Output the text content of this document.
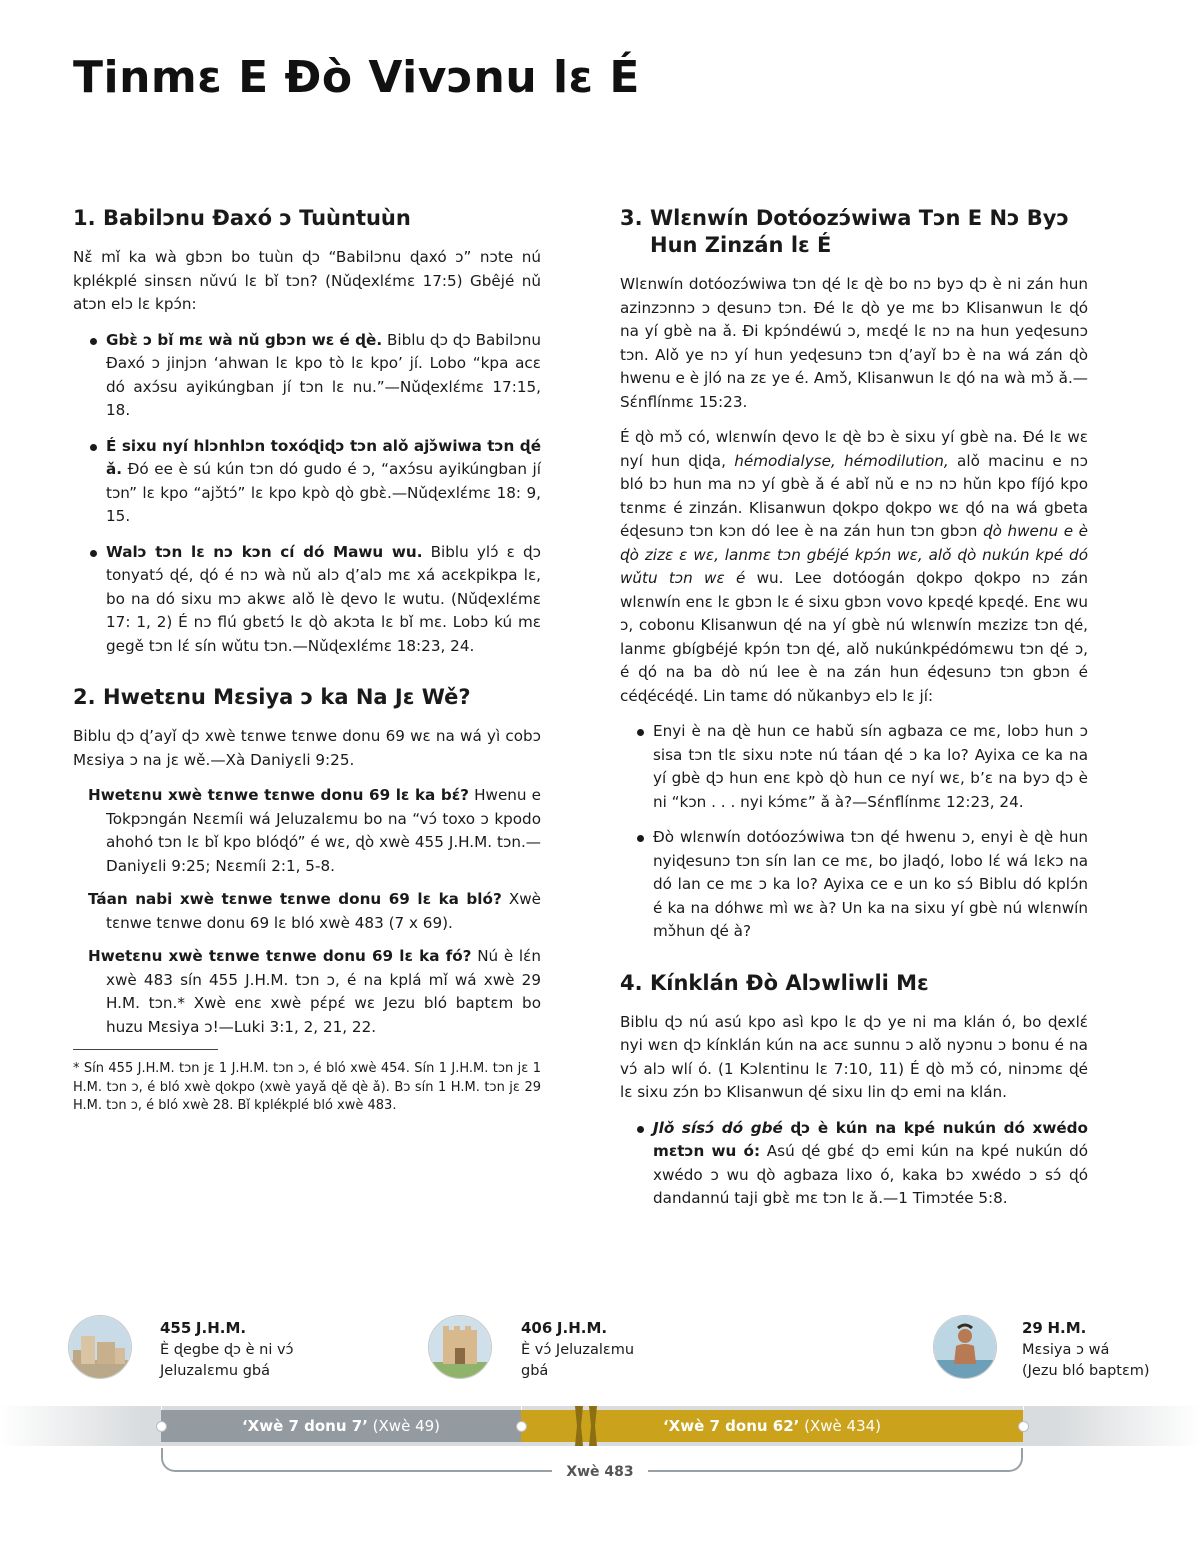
Tinmɛ E Ðò Vivɔnu lɛ É
1. Babilɔnu Ðaxó ɔ Tuùntuùn

Nɛ̌ mǐ ka wà gbɔn bo tuùn ɖɔ “Babilɔnu ɖaxó ɔ” nɔte nú kplékplé sinsɛn nǔvú lɛ bǐ tɔn? (Nǔɖexlɛ́mɛ 17:5) Gbêjé nǔ atɔn elɔ lɛ kpɔ́n:

Gbɛ̀ ɔ bǐ mɛ wà nǔ gbɔn wɛ é ɖè. Biblu ɖɔ ɖɔ Babilɔnu Ðaxó ɔ jinjɔn ‘ahwan lɛ kpo tò lɛ kpo’ jí. Lobo “kpa acɛ dó axɔ́su ayikúngban jí tɔn lɛ nu.”—Nǔɖexlɛ́mɛ 17:15, 18.
É sixu nyí hlɔnhlɔn toxóɖiɖɔ tɔn alǒ ajɔ̌wiwa tɔn ɖé ǎ. Ðó ee è sú kún tɔn dó gudo é ɔ, “axɔ́su ayikúngban jí tɔn” lɛ kpo “ajɔ̌tɔ́” lɛ kpo kpò ɖò gbɛ̀.—Nǔɖexlɛ́mɛ 18: 9, 15.
Walɔ tɔn lɛ nɔ kɔn cí dó Mawu wu. Biblu ylɔ́ ɛ ɖɔ tonyatɔ́ ɖé, ɖó é nɔ wà nǔ alɔ ɖ’alɔ mɛ xá acɛkpikpa lɛ, bo na dó sixu mɔ akwɛ alǒ lè ɖevo lɛ wutu. (Nǔɖexlɛ́mɛ 17: 1, 2) É nɔ flú gbɛtɔ́ lɛ ɖò akɔta lɛ bǐ mɛ. Lobɔ kú mɛ gegě tɔn lɛ́ sín wǔtu tɔn.—Nǔɖexlɛ́mɛ 18:23, 24.
2. Hwetɛnu Mɛsiya ɔ ka Na Jɛ Wě?

Biblu ɖɔ ɖ’ayǐ ɖɔ xwè tɛnwe tɛnwe donu 69 wɛ na wá yì cobɔ Mɛsiya ɔ na jɛ wě.—Xà Daniyɛli 9:25.

Hwetɛnu xwè tɛnwe tɛnwe donu 69 lɛ ka bɛ́? Hwenu e Tokpɔngán Nɛɛmíi wá Jeluzalɛmu bo na “vɔ́ toxo ɔ kpodo ahohó tɔn lɛ bǐ kpo blóɖó” é wɛ, ɖò xwè 455 J.H.M. tɔn.—Daniyɛli 9:25; Nɛɛmíi 2:1, 5-8.

Táan nabi xwè tɛnwe tɛnwe donu 69 lɛ ka bló? Xwè tɛnwe tɛnwe donu 69 lɛ bló xwè 483 (7 x 69).

Hwetɛnu xwè tɛnwe tɛnwe donu 69 lɛ ka fó? Nú è lɛ́n xwè 483 sín 455 J.H.M. tɔn ɔ, é na kplá mǐ wá xwè 29 H.M. tɔn.* Xwè enɛ xwè pɛ́pɛ́ wɛ Jezu bló baptɛm bo huzu Mɛsiya ɔ!—Luki 3:1, 2, 21, 22.

* Sín 455 J.H.M. tɔn jɛ 1 J.H.M. tɔn ɔ, é bló xwè 454. Sín 1 J.H.M. tɔn jɛ 1 H.M. tɔn ɔ, é bló xwè ɖokpo (xwè yayǎ ɖě ɖè ǎ). Bɔ sín 1 H.M. tɔn jɛ 29 H.M. tɔn ɔ, é bló xwè 28. Bǐ kplékplé bló xwè 483.

3. Wlɛnwín Dotóozɔ́wiwa Tɔn E Nɔ Byɔ Hun Zinzán lɛ É

Wlɛnwín dotóozɔ́wiwa tɔn ɖé lɛ ɖè bo nɔ byɔ ɖɔ è ni zán hun azinzɔnnɔ ɔ ɖesunɔ tɔn. Ðé lɛ ɖò ye mɛ bɔ Klisanwun lɛ ɖó na yí gbè na ǎ. Ði kpɔ́ndéwú ɔ, mɛɖé lɛ nɔ na hun yeɖesunɔ tɔn. Alǒ ye nɔ yí hun yeɖesunɔ tɔn ɖ’ayǐ bɔ è na wá zán ɖò hwenu e è jló na zɛ ye é. Amɔ̌, Klisanwun lɛ ɖó na wà mɔ̌ ǎ.—Sɛ́nflínmɛ 15:23.

É ɖò mɔ̌ có, wlɛnwín ɖevo lɛ ɖè bɔ è sixu yí gbè na. Ðé lɛ wɛ nyí hun ɖiɖa, hémodialyse, hémodilution, alǒ macinu e nɔ bló bɔ hun ma nɔ yí gbè ǎ é abǐ nǔ e nɔ nɔ hǔn kpo fíjó kpo tɛnmɛ é zinzán. Klisanwun ɖokpo ɖokpo wɛ ɖó na wá gbeta éɖesunɔ tɔn kɔn dó lee è na zán hun tɔn gbɔn ɖò hwenu e è ɖò zizɛ ɛ wɛ, lanmɛ tɔn gbéjé kpɔ́n wɛ, alǒ ɖò nukún kpé dó wǔtu tɔn wɛ é wu. Lee dotóogán ɖokpo ɖokpo nɔ zán wlɛnwín enɛ lɛ gbɔn lɛ é sixu gbɔn vovo kpɛɖé kpɛɖé. Enɛ wu ɔ, cobonu Klisanwun ɖé na yí gbè nú wlɛnwín mɛzizɛ tɔn ɖé, lanmɛ gbígbéjé kpɔ́n tɔn ɖé, alǒ nukúnkpédómɛwu tɔn ɖé ɔ, é ɖó na ba dò nú lee è na zán hun éɖesunɔ tɔn gbɔn é céɖécéɖé. Lin tamɛ dó nǔkanbyɔ elɔ lɛ jí:

Enyi è na ɖè hun ce habǔ sín agbaza ce mɛ, lobɔ hun ɔ sisa tɔn tlɛ sixu nɔte nú táan ɖé ɔ ka lo? Ayixa ce ka na yí gbè ɖɔ hun enɛ kpò ɖò hun ce nyí wɛ, b’ɛ na byɔ ɖɔ è ni “kɔn . . . nyi kɔ́mɛ” ǎ à?—Sɛ́nflínmɛ 12:23, 24.
Ðò wlɛnwín dotóozɔ́wiwa tɔn ɖé hwenu ɔ, enyi è ɖè hun nyiɖesunɔ tɔn sín lan ce mɛ, bo jlaɖó, lobo lɛ́ wá lɛkɔ na dó lan ce mɛ ɔ ka lo? Ayixa ce e un ko sɔ́ Biblu dó kplɔ́n é ka na dóhwɛ mì wɛ à? Un ka na sixu yí gbè nú wlɛnwín mɔ̌hun ɖé à?
4. Kínklán Ðò Alɔwliwli Mɛ

Biblu ɖɔ nú asú kpo asì kpo lɛ ɖɔ ye ni ma klán ó, bo ɖexlɛ́ nyi wɛn ɖɔ kínklán kún na acɛ sunnu ɔ alǒ nyɔnu ɔ bonu é na vɔ́ alɔ wlí ó. (1 Kɔlɛntinu lɛ 7:10, 11) É ɖò mɔ̌ có, ninɔmɛ ɖé lɛ sixu zɔ́n bɔ Klisanwun ɖé sixu lin ɖɔ emi na klán.

Jlǒ sísɔ́ dó gbé ɖɔ è kún na kpé nukún dó xwédo mɛtɔn wu ó: Asú ɖé gbɛ́ ɖɔ emi kún na kpé nukún dó xwédo ɔ wu ɖò agbaza lixo ó, kaka bɔ xwédo ɔ sɔ́ ɖó dandannú taji gbɛ̀ mɛ tɔn lɛ ǎ.—1 Timɔtée 5:8.
455 J.H.M.
È ɖegbe ɖɔ è ni vɔ́
Jeluzalɛmu gbá
406 J.H.M.
È vɔ́ Jeluzalɛmu
gbá
29 H.M.
Mɛsiya ɔ wá
(Jezu bló baptɛm)
‘Xwè 7 donu 7’ (Xwè 49)	‘Xwè 7 donu 62’ (Xwè 434)
Xwè 483
